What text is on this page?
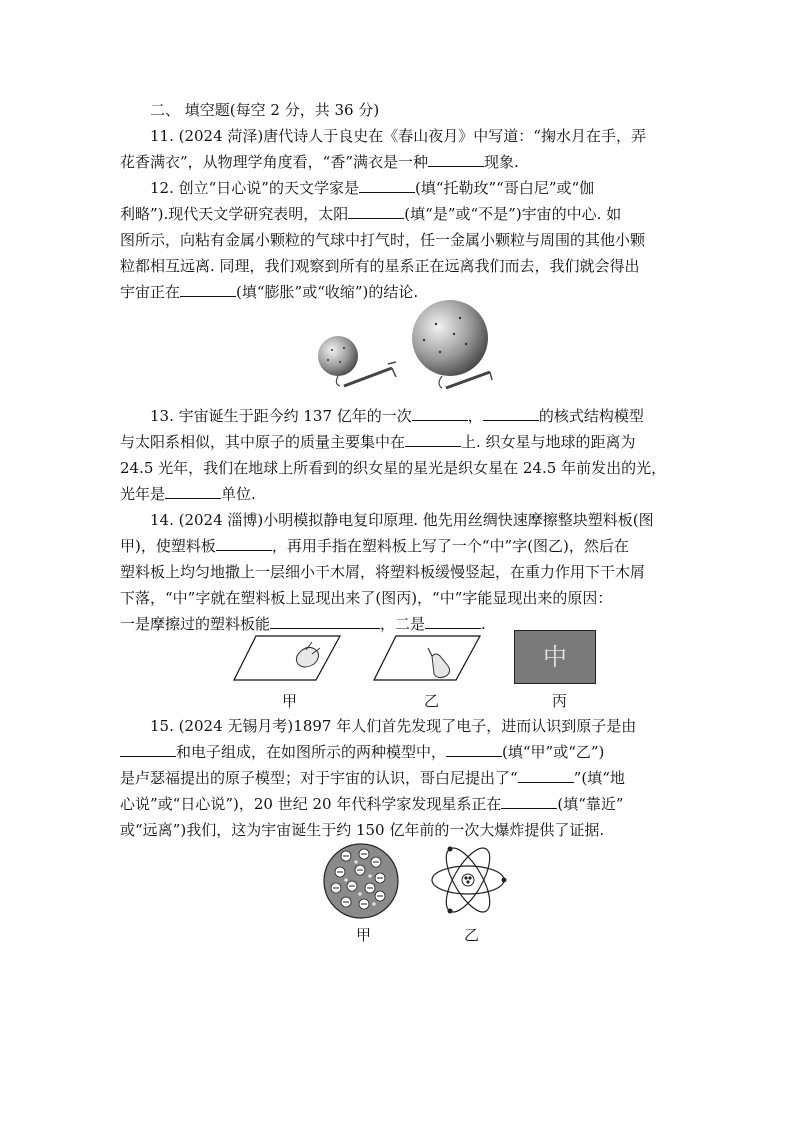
二、 填空题(每空 2 分，共 36 分)
11. (2024 菏泽)唐代诗人于良史在《春山夜月》中写道：“掬水月在手，弄
花香满衣”，从物理学角度看，“香”满衣是一种	现象.
12. 创立“日心说”的天文学家是	(填“托勒玫”“哥白尼”或“伽
利略”).现代天文学研究表明，太阳	(填“是”或“不是”)宇宙的中心. 如
图所示，向粘有金属小颗粒的气球中打气时，任一金属小颗粒与周围的其他小颗
粒都相互远离. 同理，我们观察到所有的星系正在远离我们而去，我们就会得出
宇宙正在	(填“膨胀”或“收缩”)的结论.
13. 宇宙诞生于距今约 137 亿年的一次	，	的核式结构模型
与太阳系相似，其中原子的质量主要集中在	上. 织女星与地球的距离为
24.5 光年，我们在地球上所看到的织女星的星光是织女星在 24.5 年前发出的光，
光年是	单位.
14. (2024 淄博)小明模拟静电复印原理. 他先用丝绸快速摩擦整块塑料板(图
甲)，使塑料板	，再用手指在塑料板上写了一个“中”字(图乙)，然后在
塑料板上均匀地撒上一层细小干木屑，将塑料板缓慢竖起，在重力作用下干木屑
下落，“中”字就在塑料板上显现出来了(图丙)，“中”字能显现出来的原因：
一是摩擦过的塑料板能	，二是	.
中
甲	乙	丙
15. (2024 无锡月考)1897 年人们首先发现了电子，进而认识到原子是由
和电子组成，在如图所示的两种模型中，	(填“甲”或“乙”)
是卢瑟福提出的原子模型；对于宇宙的认识，哥白尼提出了“	”(填“地
心说”或“日心说”)，20 世纪 20 年代科学家发现星系正在	(填“靠近”
或“远离”)我们，这为宇宙诞生于约 150 亿年前的一次大爆炸提供了证据.
甲	乙
